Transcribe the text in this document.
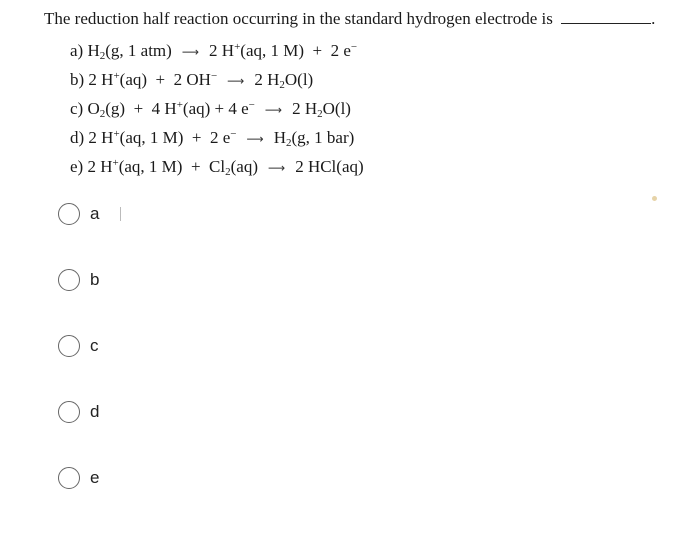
The reduction half reaction occurring in the standard hydrogen electrode is	.
a) $H_2(g$, 1 atm) ⟶ 2 H+(aq, 1 M)  +  2 e−
b) 2 H+(aq)  +  2 OH− ⟶ 2 $H_2O(l)$
c) $O_2(g) + 4$ H+(aq) + 4 e− ⟶ 2 $H_2O(l)$
d) 2 H+(aq, 1 M)  +  2 e− ⟶ $H_2(g$, 1 bar)
e) 2 H+(aq, 1 $M) + Cl_2(aq)$ ⟶ 2 HCl(aq)
a
b
c
d
e
